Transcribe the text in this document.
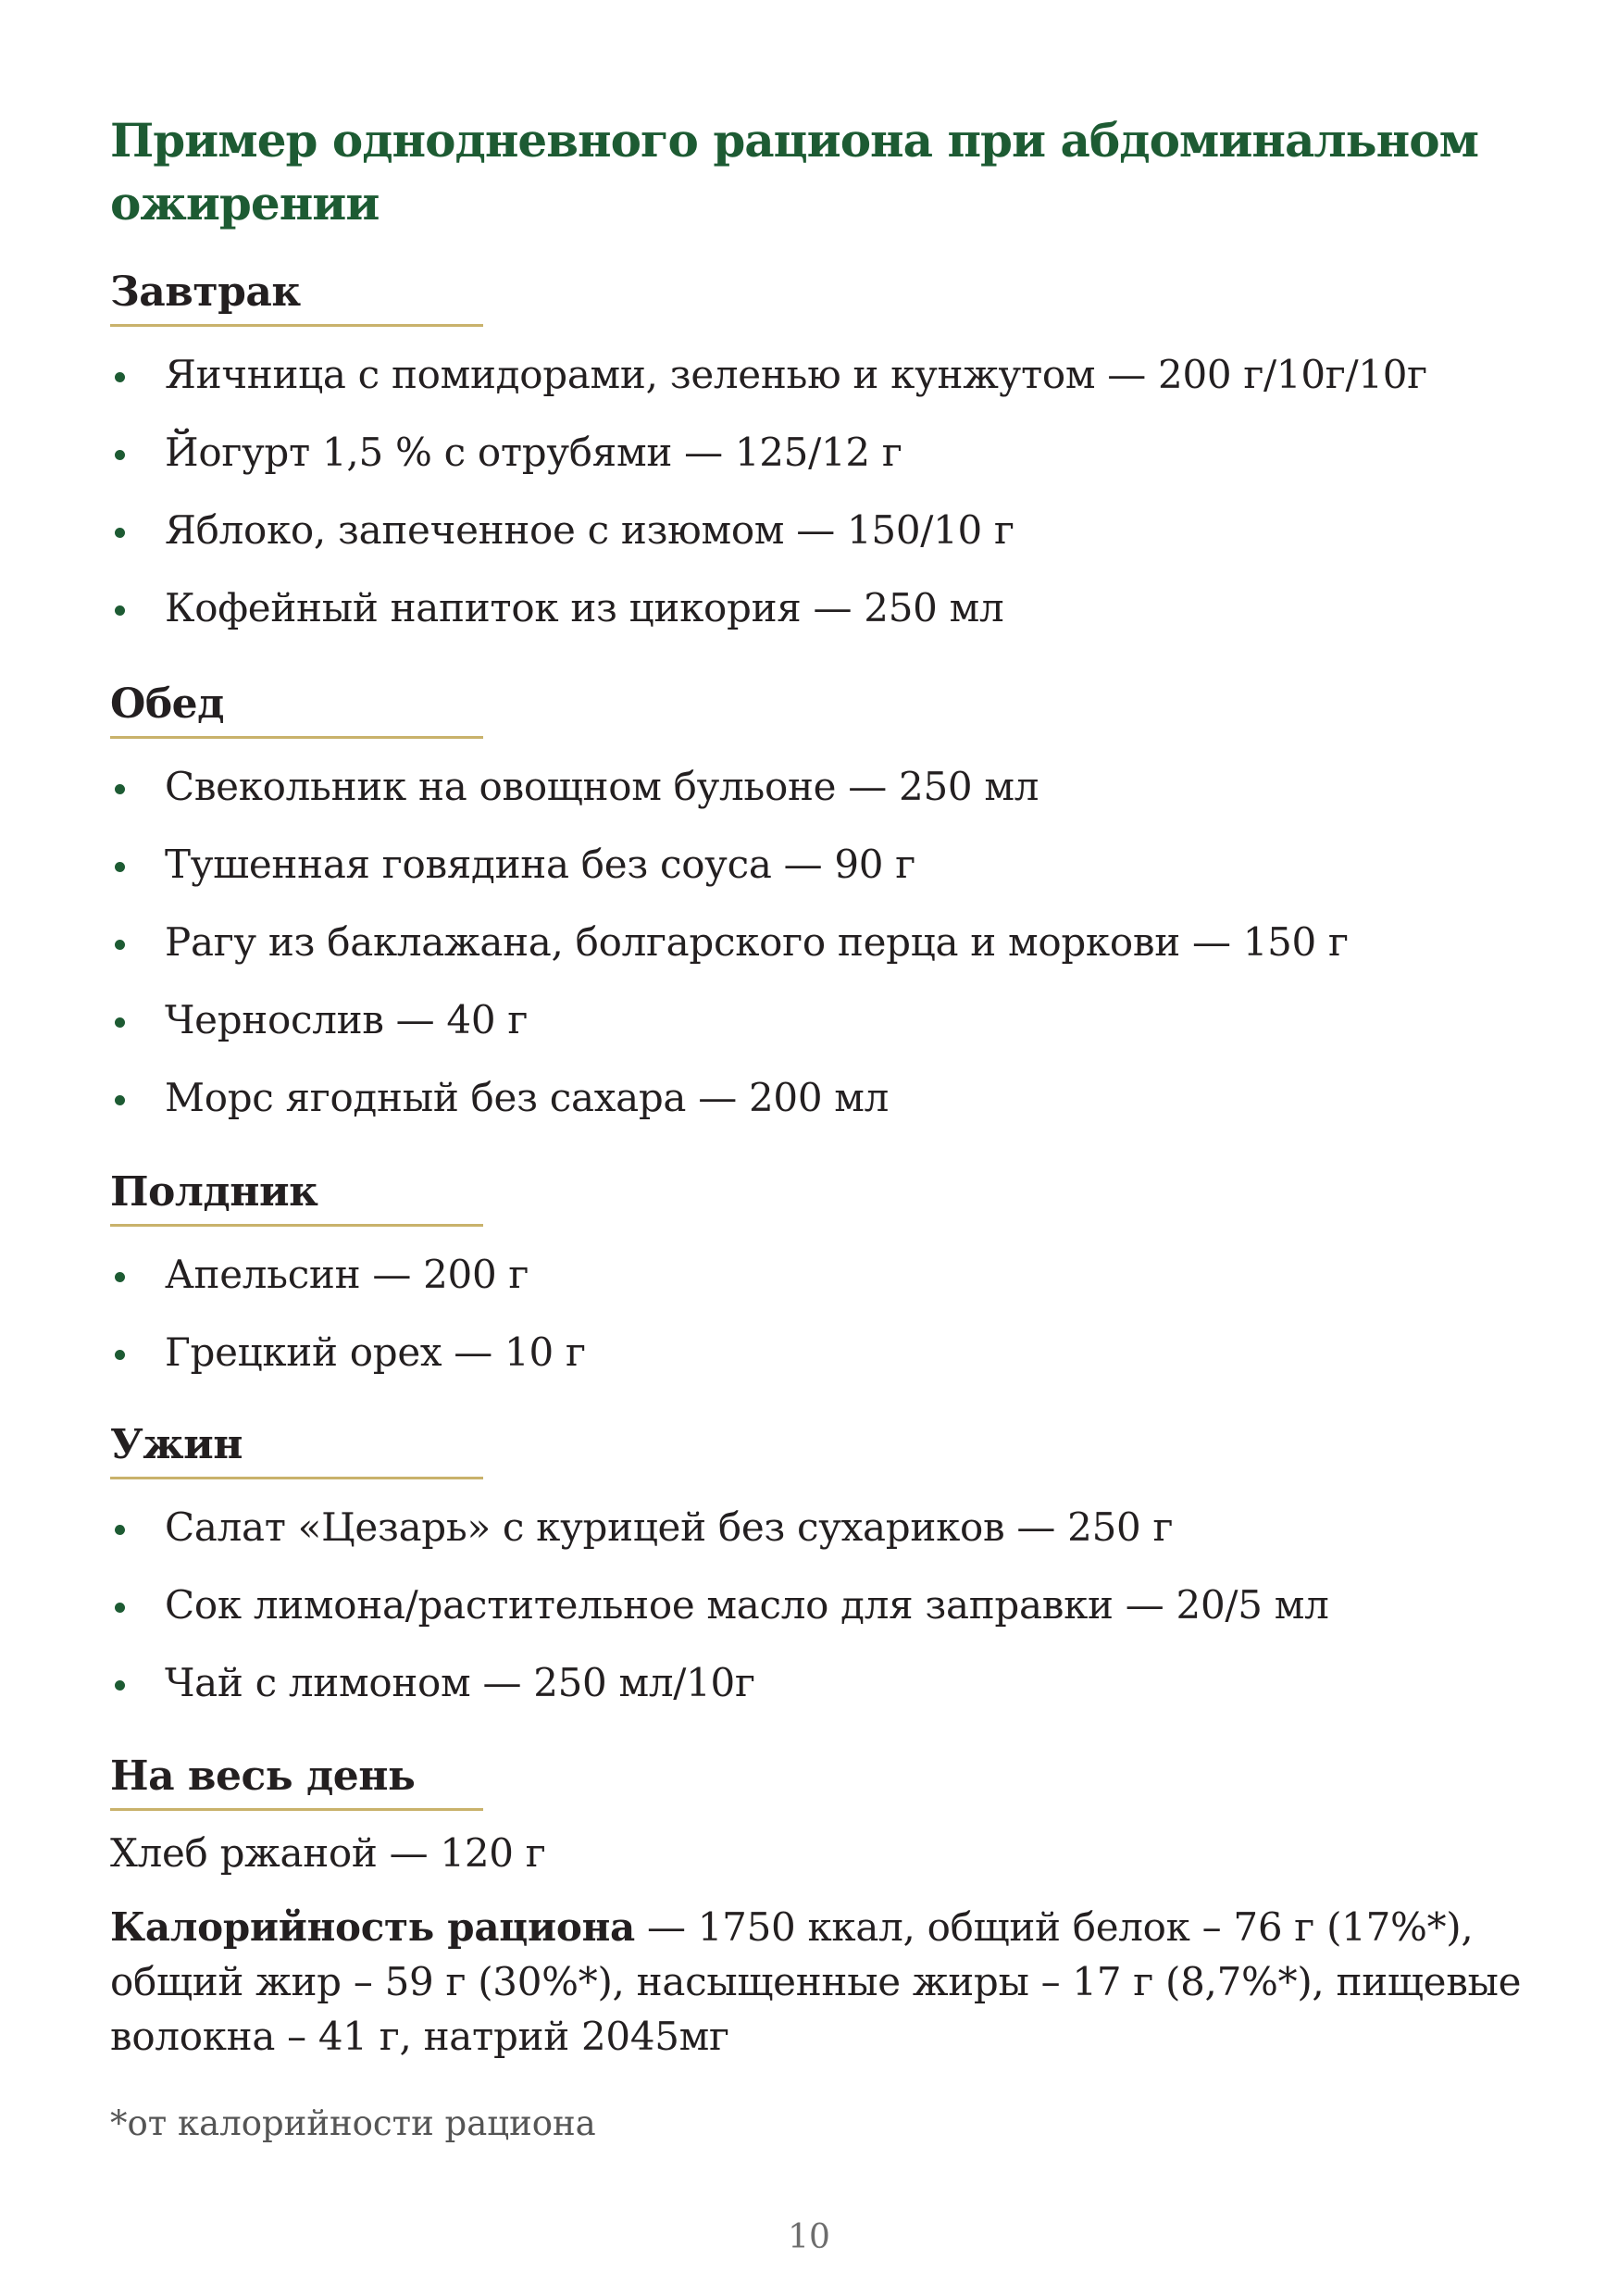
Пример однодневного рациона при абдоминальном ожирении
Завтрак
Яичница с помидорами, зеленью и кунжутом — 200 г/10г/10г
Йогурт 1,5 % с отрубями — 125/12 г
Яблоко, запеченное с изюмом — 150/10 г
Кофейный напиток из цикория — 250 мл
Обед
Свекольник на овощном бульоне — 250 мл
Тушенная говядина без соуса — 90 г
Рагу из баклажана, болгарского перца и моркови — 150 г
Чернослив — 40 г
Морс ягодный без сахара — 200 мл
Полдник
Апельсин — 200 г
Грецкий орех — 10 г
Ужин
Салат «Цезарь» с курицей без сухариков — 250 г
Сок лимона/растительное масло для заправки — 20/5 мл
Чай с лимоном — 250 мл/10г
На весь день
Хлеб ржаной — 120 г
Калорийность рациона — 1750 ккал, общий белок – 76 г (17%*), общий жир – 59 г (30%*), насыщенные жиры – 17 г (8,7%*), пищевые волокна – 41 г, натрий 2045мг
*от калорийности рациона
10
